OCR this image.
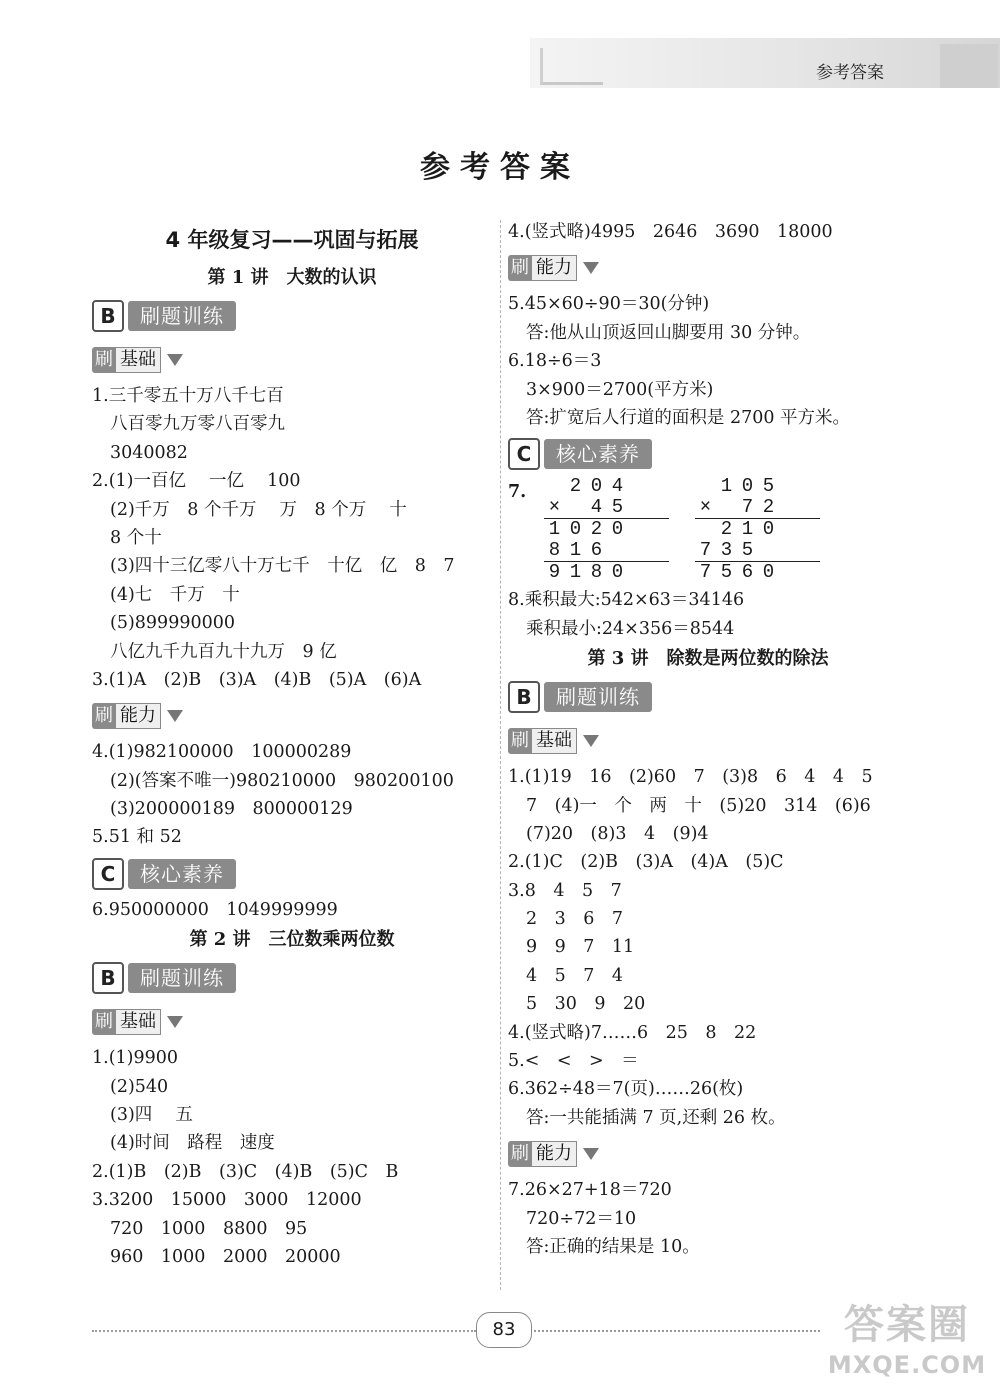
参考答案
参考答案
4 年级复习——巩固与拓展
第 1 讲　大数的认识
B	刷题训练
刷 基础
1.三千零五十万八千七百
八百零九万零八百零九
3040082
2.(1)一百亿　 一亿　 100
(2)千万　8 个千万　 万　8 个万　 十
8 个十
(3)四十三亿零八十万七千　十亿　亿　8　7
(4)七　千万　十
(5)899990000
八亿九千九百九十九万　9 亿
3.(1)A　(2)B　(3)A　(4)B　(5)A　(6)A
刷 能力
4.(1)982100000　100000289
(2)(答案不唯一)980210000　980200100
(3)200000189　800000129
5.51 和 52
C	核心素养
6.950000000　1049999999
第 2 讲　三位数乘两位数
B	刷题训练
刷 基础
1.(1)9900
(2)540
(3)四　 五
(4)时间　路程　速度
2.(1)B　(2)B　(3)C　(4)B　(5)C　B
3.3200　15000　3000　12000
720　1000　8800　95
960　1000　2000　20000
4.(竖式略)4995　2646　3690　18000
刷 能力
5.45×60÷90＝30(分钟)
答:他从山顶返回山脚要用 30 分钟。
6.18÷6＝3
3×900＝2700(平方米)
答:扩宽后人行道的面积是 2700 平方米。
C	核心素养
7. 2 0 4
× 4 5
1 0 2 0
8 1 6
9 1 8 0
1 0 5
× 7 2
2 1 0
7 3 5
7 5 6 0
8.乘积最大:542×63＝34146
乘积最小:24×356＝8544
第 3 讲　除数是两位数的除法
B	刷题训练
刷 基础
1.(1)19　16　(2)60　7　(3)8　6　4　4　5
7　(4)一　个　两　十　(5)20　314　(6)6
(7)20　(8)3　4　(9)4
2.(1)C　(2)B　(3)A　(4)A　(5)C
3.8　4　5　7
2　3　6　7
9　9　7　11
4　5　7　4
5　30　9　20
4.(竖式略)7……6　25　8　22
5.<　<　>　＝
6.362÷48＝7(页)……26(枚)
答:一共能插满 7 页,还剩 26 枚。
刷 能力
7.26×27+18＝720
720÷72＝10
答:正确的结果是 10。
83	答案圈
MXQE.COM
